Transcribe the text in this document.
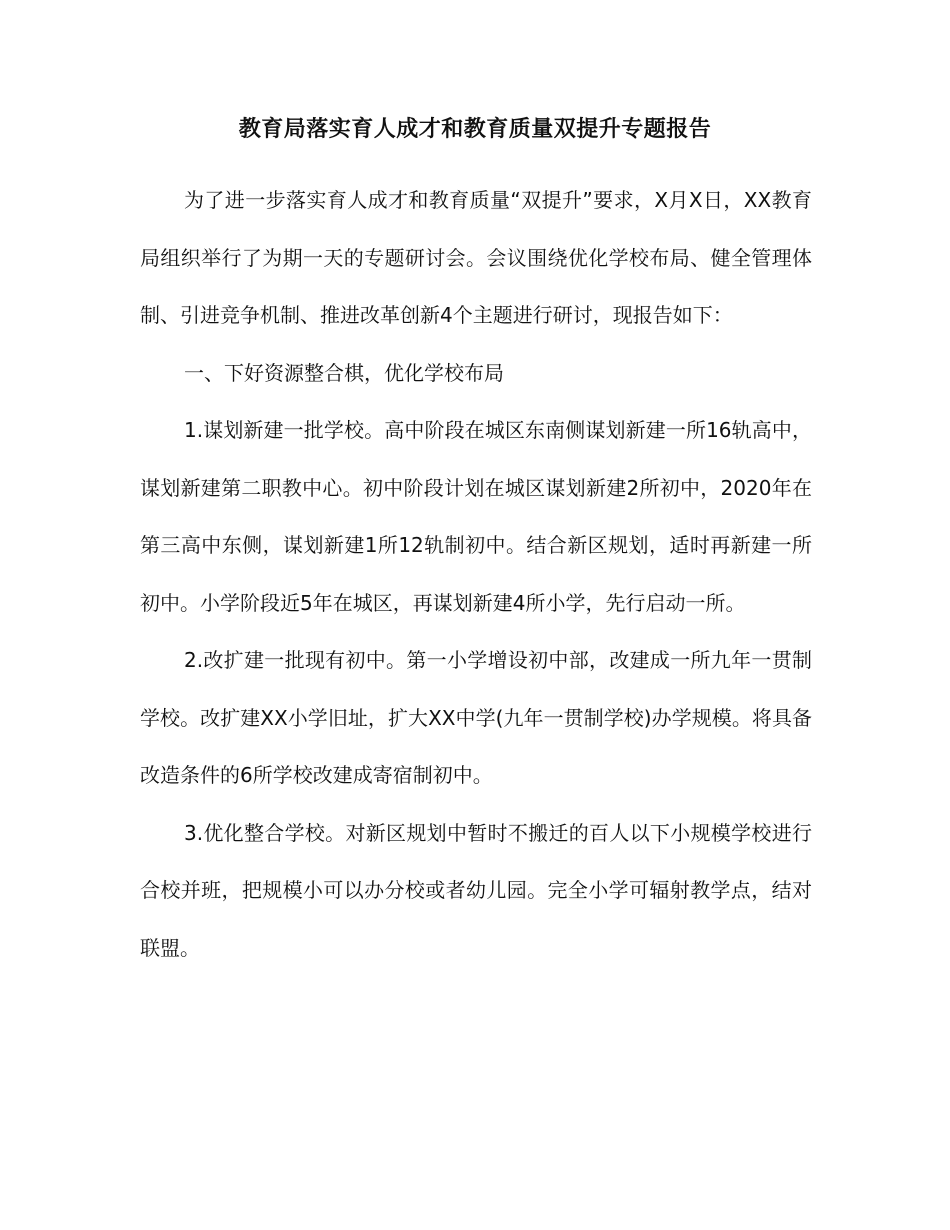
教育局落实育人成才和教育质量双提升专题报告

为了进一步落实育人成才和教育质量“双提升”要求，X月X日，XX教育局组织举行了为期一天的专题研讨会。会议围绕优化学校布局、健全管理体制、引进竞争机制、推进改革创新4个主题进行研讨，现报告如下：

一、下好资源整合棋，优化学校布局

1.谋划新建一批学校。高中阶段在城区东南侧谋划新建一所16轨高中，谋划新建第二职教中心。初中阶段计划在城区谋划新建2所初中，2020年在第三高中东侧，谋划新建1所12轨制初中。结合新区规划，适时再新建一所初中。小学阶段近5年在城区，再谋划新建4所小学，先行启动一所。

2.改扩建一批现有初中。第一小学增设初中部，改建成一所九年一贯制学校。改扩建XX小学旧址，扩大XX中学(九年一贯制学校)办学规模。将具备改造条件的6所学校改建成寄宿制初中。

3.优化整合学校。对新区规划中暂时不搬迁的百人以下小规模学校进行合校并班，把规模小可以办分校或者幼儿园。完全小学可辐射教学点，结对联盟。
